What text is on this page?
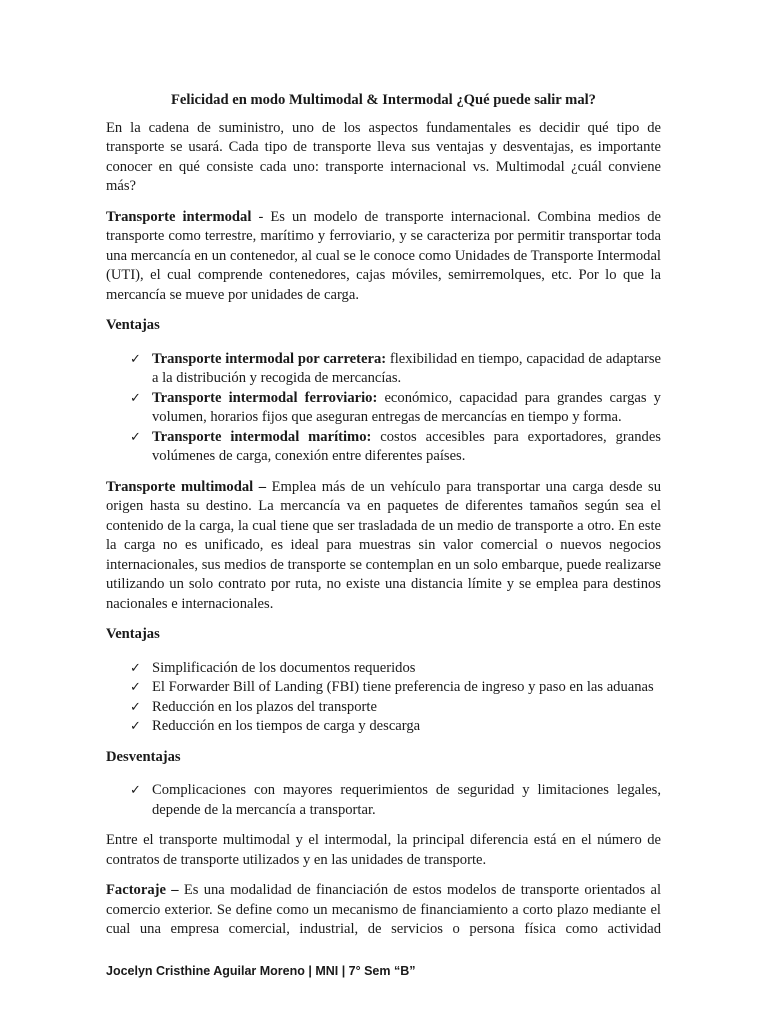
Felicidad en modo Multimodal & Intermodal ¿Qué puede salir mal?

En la cadena de suministro, uno de los aspectos fundamentales es decidir qué tipo de transporte se usará. Cada tipo de transporte lleva sus ventajas y desventajas, es importante conocer en qué consiste cada uno: transporte internacional vs. Multimodal ¿cuál conviene más?

Transporte intermodal - Es un modelo de transporte internacional. Combina medios de transporte como terrestre, marítimo y ferroviario, y se caracteriza por permitir transportar toda una mercancía en un contenedor, al cual se le conoce como Unidades de Transporte Intermodal (UTI), el cual comprende contenedores, cajas móviles, semirremolques, etc. Por lo que la mercancía se mueve por unidades de carga.

Ventajas
✓ Transporte intermodal por carretera: flexibilidad en tiempo, capacidad de adaptarse a la distribución y recogida de mercancías.
✓ Transporte intermodal ferroviario: económico, capacidad para grandes cargas y volumen, horarios fijos que aseguran entregas de mercancías en tiempo y forma.
✓ Transporte intermodal marítimo: costos accesibles para exportadores, grandes volúmenes de carga, conexión entre diferentes países.

Transporte multimodal – Emplea más de un vehículo para transportar una carga desde su origen hasta su destino. La mercancía va en paquetes de diferentes tamaños según sea el contenido de la carga, la cual tiene que ser trasladada de un medio de transporte a otro. En este la carga no es unificado, es ideal para muestras sin valor comercial o nuevos negocios internacionales, sus medios de transporte se contemplan en un solo embarque, puede realizarse utilizando un solo contrato por ruta, no existe una distancia límite y se emplea para destinos nacionales e internacionales.

Ventajas
✓ Simplificación de los documentos requeridos
✓ El Forwarder Bill of Landing (FBI) tiene preferencia de ingreso y paso en las aduanas
✓ Reducción en los plazos del transporte
✓ Reducción en los tiempos de carga y descarga
Desventajas
✓ Complicaciones con mayores requerimientos de seguridad y limitaciones legales, depende de la mercancía a transportar.

Entre el transporte multimodal y el intermodal, la principal diferencia está en el número de contratos de transporte utilizados y en las unidades de transporte.

Factoraje – Es una modalidad de financiación de estos modelos de transporte orientados al comercio exterior. Se define como un mecanismo de financiamiento a corto plazo mediante el cual una empresa comercial, industrial, de servicios o persona física como actividad

Jocelyn Cristhine Aguilar Moreno | MNI | 7° Sem “B”
